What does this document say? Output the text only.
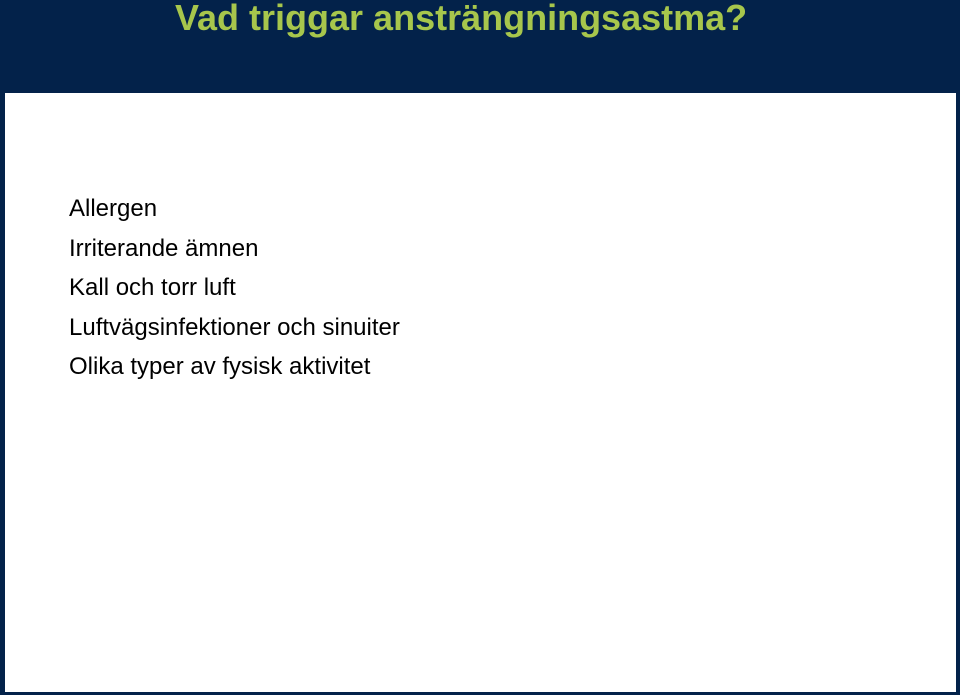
Vad triggar ansträngningsastma?
Allergen
Irriterande ämnen
Kall och torr luft
Luftvägsinfektioner och sinuiter
Olika typer av fysisk aktivitet
